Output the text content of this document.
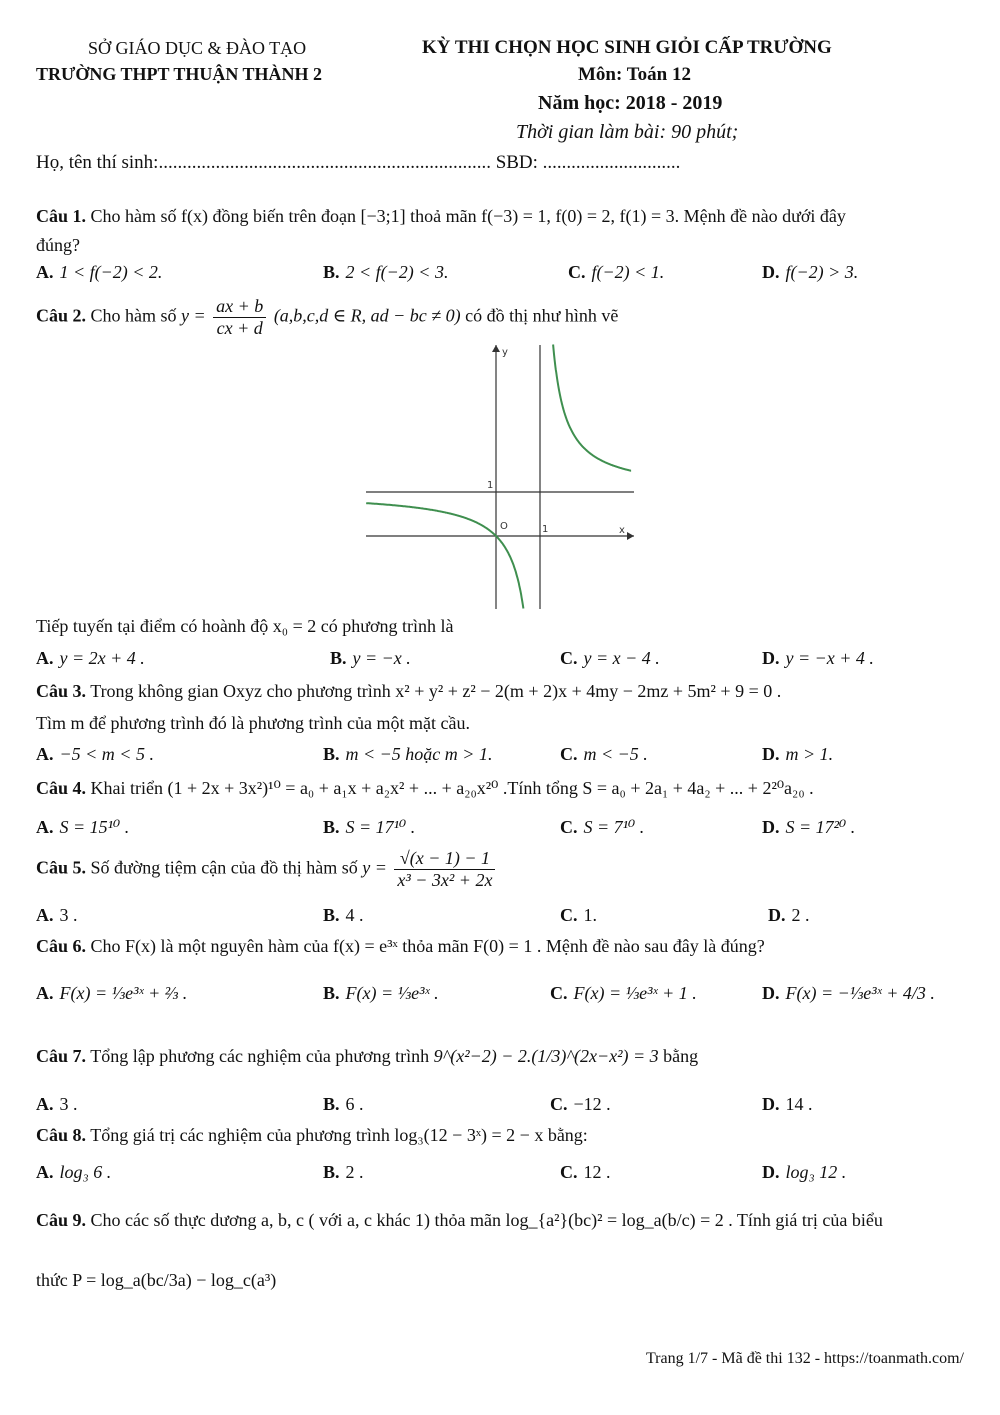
SỞ GIÁO DỤC & ĐÀO TẠO
TRƯỜNG THPT THUẬN THÀNH 2
KỲ THI CHỌN HỌC SINH GIỎI CẤP TRƯỜNG
Môn: Toán 12
Năm học: 2018 - 2019
Thời gian làm bài: 90 phút;
Họ, tên thí sinh:...................................................................... SBD: .............................
Câu 1. Cho hàm số f(x) đồng biến trên đoạn [−3;1] thoả mãn f(−3) = 1, f(0) = 2, f(1) = 3. Mệnh đề nào dưới đây
đúng?
A. 1 < f(−2) < 2.	B. 2 < f(−2) < 3.	C. f(−2) < 1.	D. f(−2) > 3.
Câu 2. Cho hàm số $y = \frac{ax + b}{cx + d} (a,b,c,d$ ∈ R, ad − bc ≠ 0) có đồ thị như hình vẽ
y
x
1
1
O
Tiếp tuyến tại điểm có hoành độ x₀ = 2 có phương trình là
A. y = 2x + 4 .	B. y = −x .	C. y = x − 4 .	D. y = −x + 4 .
Câu 3. Trong không gian Oxyz cho phương trình x² + y² + z² − 2(m + 2)x + 4my − 2mz + 5m² + 9 = 0 .
Tìm m để phương trình đó là phương trình của một mặt cầu.
A. −5 < m < 5 .	B. m < −5 hoặc m > 1.	C. m < −5 .	D. m > 1.
Câu 4. Khai triển (1 + 2x + 3x²)¹⁰ = a₀ + a₁x + a₂x² + ... + a₂₀x²⁰ .Tính tổng S = a₀ + 2a₁ + 4a₂ + ... + 2²⁰a₂₀ .
A. S = 15¹⁰ .	B. S = 17¹⁰ .	C. S = 7¹⁰ .	D. S = 17²⁰ .
Câu 5. Số đường tiệm cận của đồ thị hàm số $y = \frac{√(x - 1) - 1}{\text{x³ − 3x² + 2x}}$
A. 3 .	B. 4 .	C. 1.	D. 2 .
Câu 6. Cho F(x) là một nguyên hàm của f(x) = e³ˣ thỏa mãn F(0) = 1 . Mệnh đề nào sau đây là đúng?
A. F(x) = ⅓e³ˣ + ⅔ .	B. F(x) = ⅓e³ˣ .	C. F(x) = ⅓e³ˣ + 1 .	D. F(x) = −⅓e³ˣ + 4/3 .
Câu 7. Tổng lập phương các nghiệm của phương trình 9^(x²−2) − 2.(1/3)^(2x−x²) = 3 bằng
A. 3 .	B. 6 .	C. −12 .	D. 14 .
Câu 8. Tổng giá trị các nghiệm của phương trình log₃(12 − 3ˣ) = 2 − x bằng:
A. log₃ 6 .	B. 2 .	C. 12 .	D. log₃ 12 .
Câu 9. Cho các số thực dương a, b, c ( với a, c khác 1) thỏa mãn log_{a²}(bc)² = log_a(b/c) = 2 . Tính giá trị của biểu
thức P = log_a(bc/3a) − log_c(a³)
Trang 1/7 - Mã đề thi 132 - https://toanmath.com/
